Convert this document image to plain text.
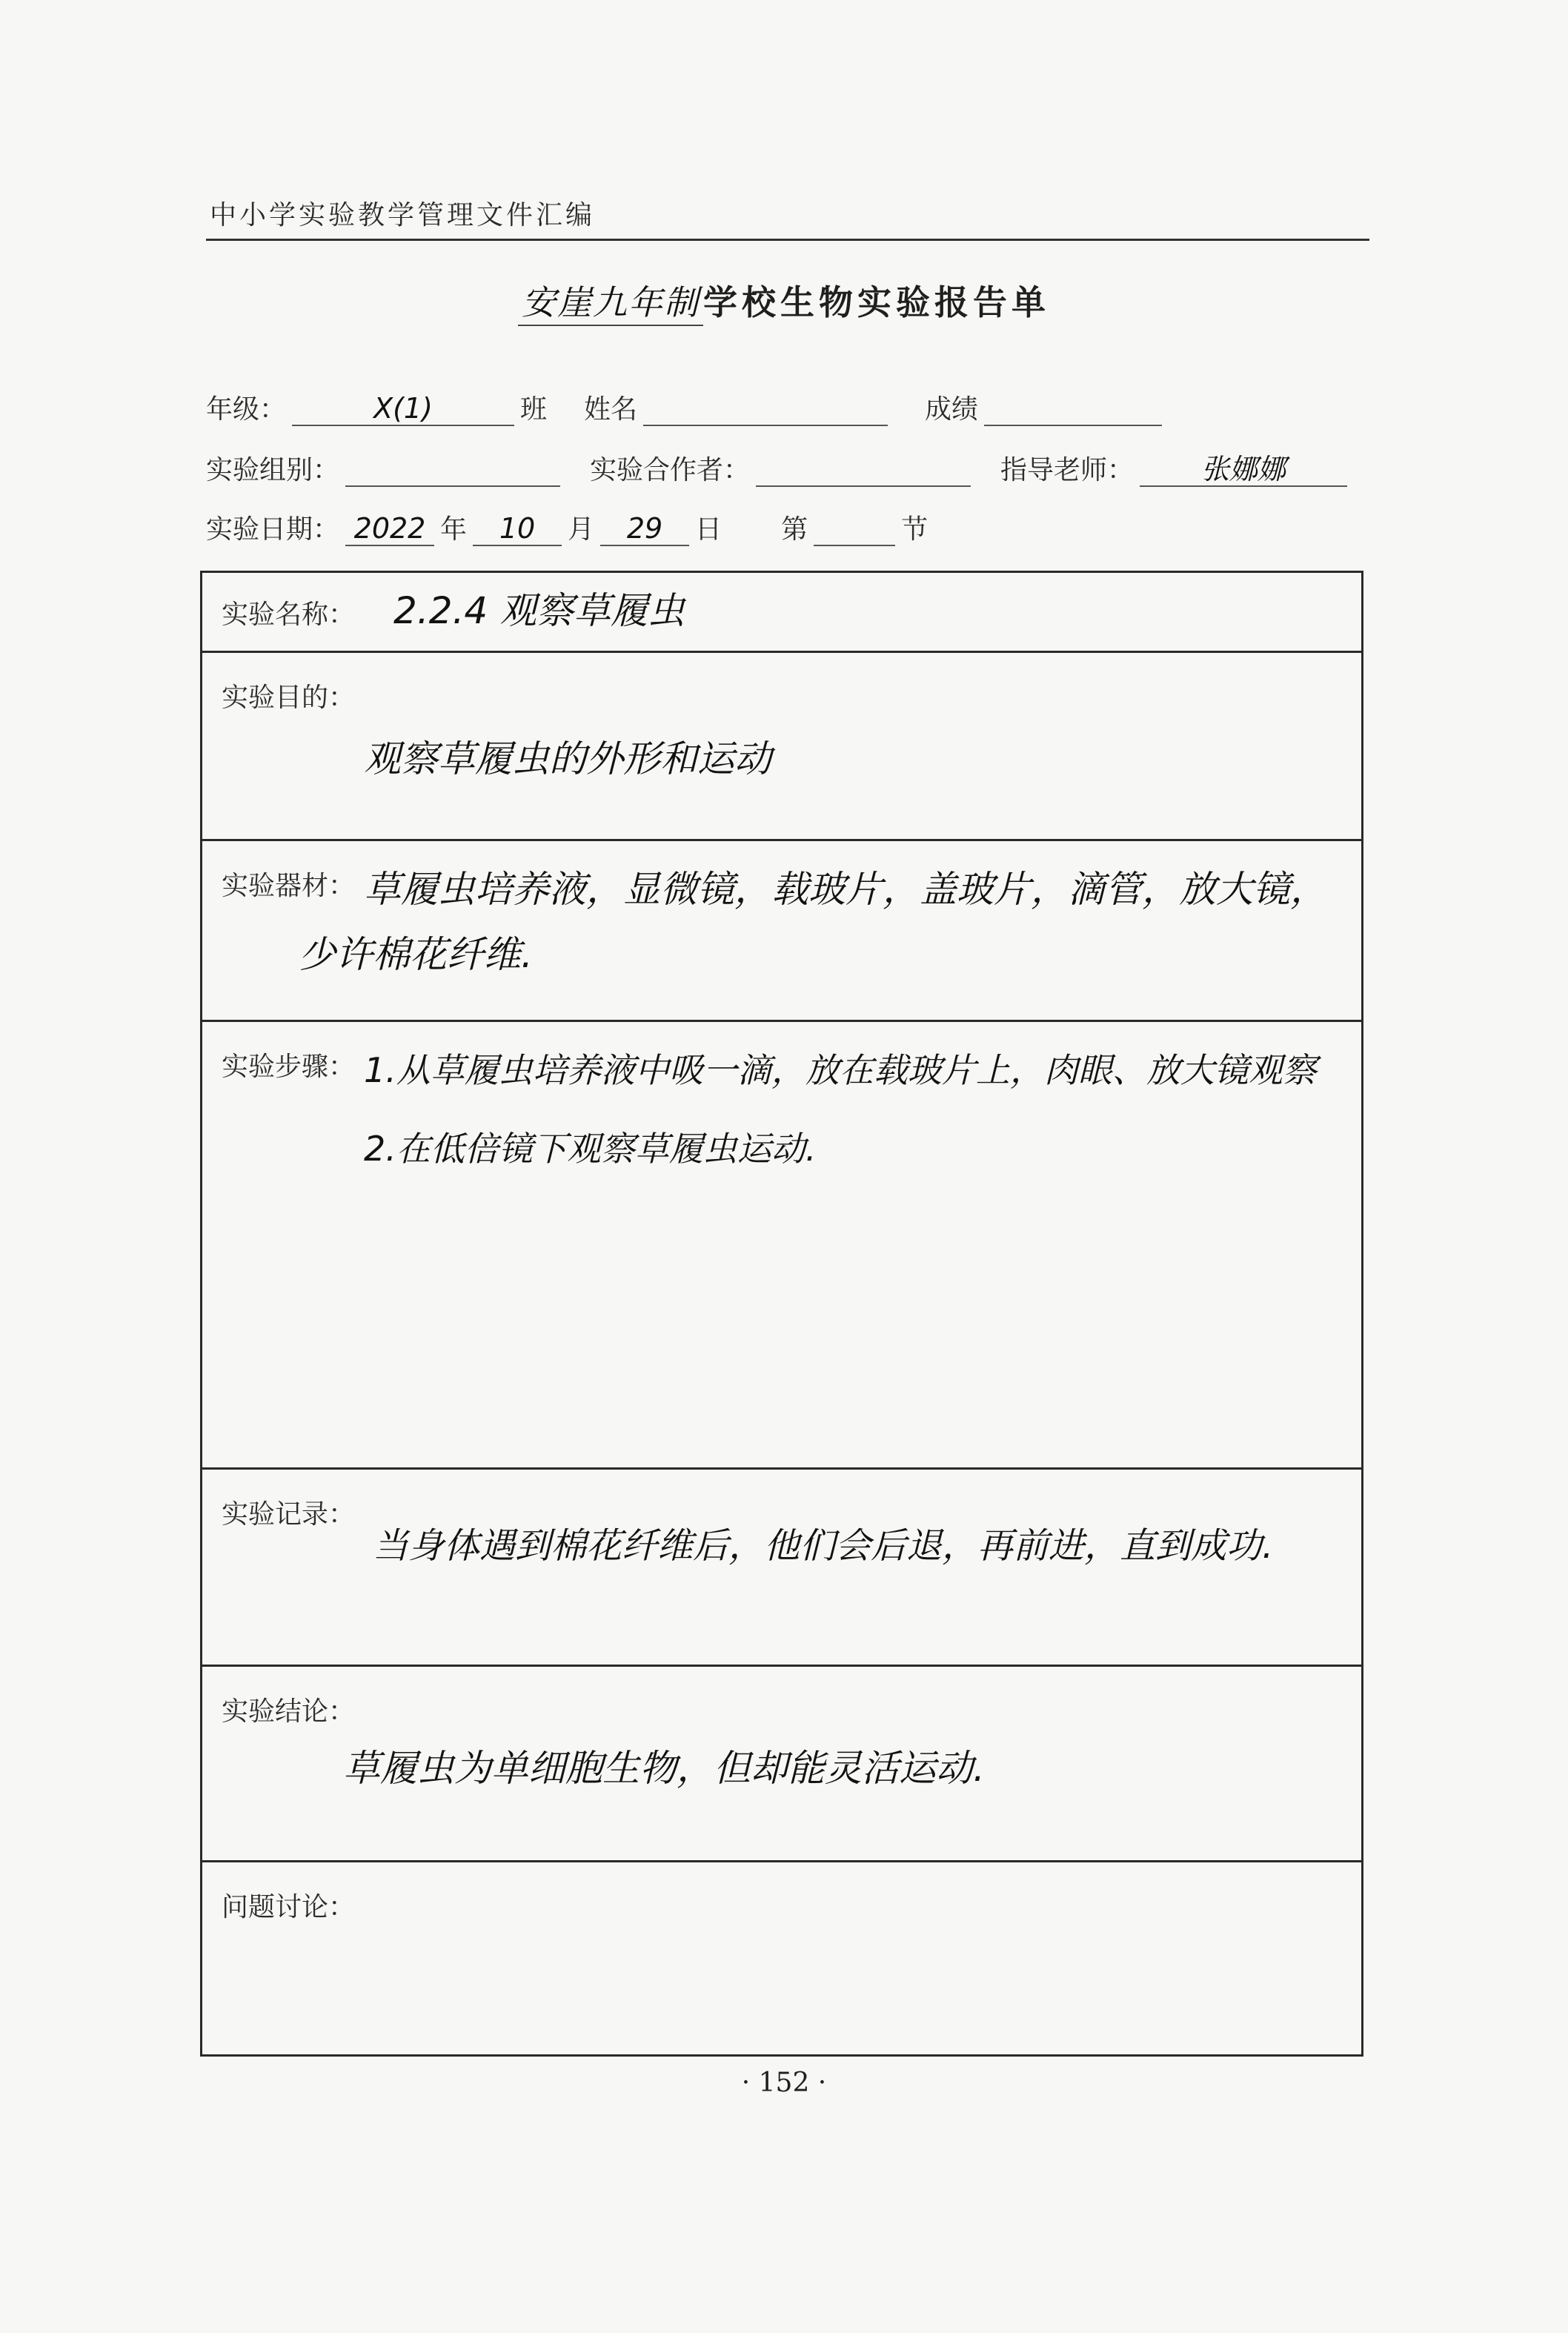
中小学实验教学管理文件汇编
安崖九年制 学校生物实验报告单
年级：	X(1)	班 姓名	成绩
实验组别：	实验合作者：	指导老师：	张娜娜
实验日期： 2022 年	10	月	29	日 第	节
实验名称： 2.2.4 观察草履虫

实验目的：
观察草履虫的外形和运动

实验器材： 草履虫培养液，显微镜，载玻片，盖玻片，滴管，放大镜，
少许棉花纤维.

实验步骤： 1.从草履虫培养液中吸一滴，放在载玻片上，肉眼、放大镜观察
2.在低倍镜下观察草履虫运动.

实验记录：
当身体遇到棉花纤维后，他们会后退，再前进，直到成功.

实验结论：
草履虫为单细胞生物，但却能灵活运动.

问题讨论：
· 152 ·
